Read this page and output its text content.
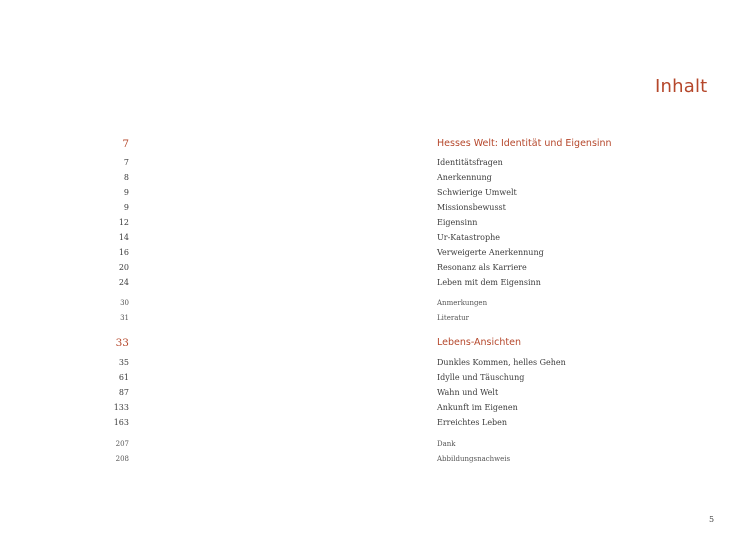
Inhalt
7	Hesses Welt: Identität und Eigensinn
7	Identitätsfragen
8	Anerkennung
9	Schwierige Umwelt
9	Missionsbewusst
12	Eigensinn
14	Ur-Katastrophe
16	Verweigerte Anerkennung
20	Resonanz als Karriere
24	Leben mit dem Eigensinn
30	Anmerkungen
31	Literatur
33	Lebens-Ansichten
35	Dunkles Kommen, helles Gehen
61	Idylle und Täuschung
87	Wahn und Welt
133	Ankunft im Eigenen
163	Erreichtes Leben
207	Dank
208	Abbildungsnachweis
5
